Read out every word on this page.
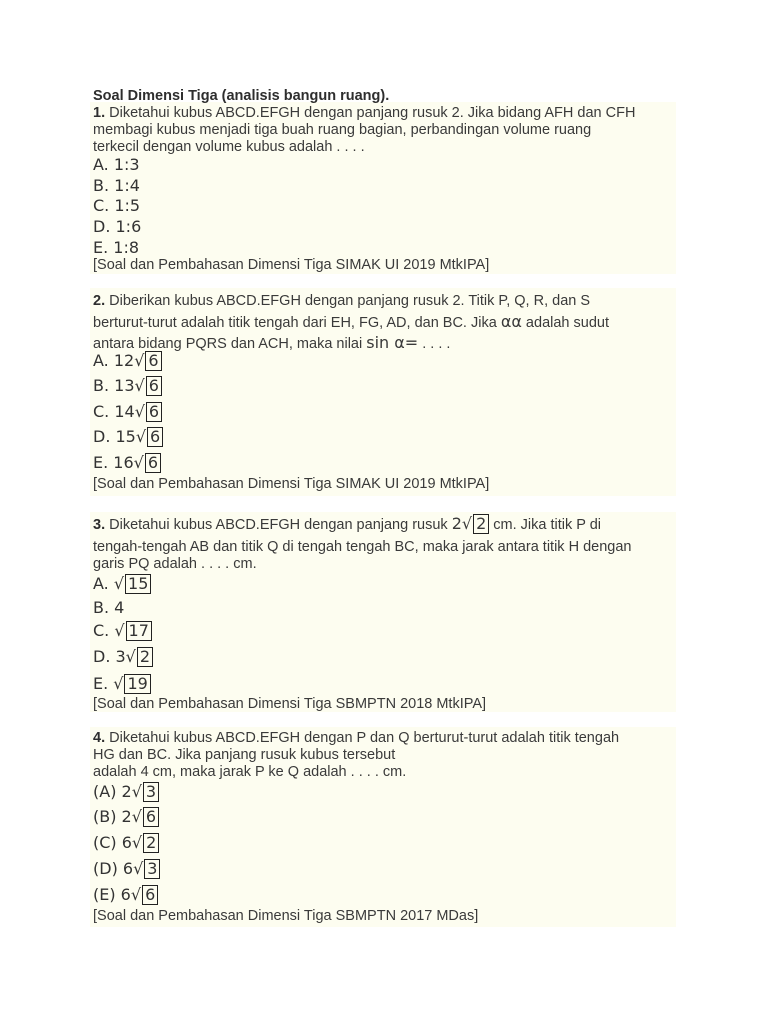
Soal Dimensi Tiga (analisis bangun ruang).
1. Diketahui kubus ABCD.EFGH dengan panjang rusuk 2. Jika bidang AFH dan CFH
membagi kubus menjadi tiga buah ruang bagian, perbandingan volume ruang
terkecil dengan volume kubus adalah . . . .
A. 1:3
B. 1:4
C. 1:5
D. 1:6
E. 1:8
[Soal dan Pembahasan Dimensi Tiga SIMAK UI 2019 MtkIPA]
2. Diberikan kubus ABCD.EFGH dengan panjang rusuk 2. Titik P, Q, R, dan S
berturut-turut adalah titik tengah dari EH, FG, AD, dan BC. Jika αα adalah sudut
antara bidang PQRS dan ACH, maka nilai sin α= . . . .
A. 12√ 6
B. 13√ 6
C. 14√ 6
D. 15√ 6
E. 16√ 6
[Soal dan Pembahasan Dimensi Tiga SIMAK UI 2019 MtkIPA]
3. Diketahui kubus ABCD.EFGH dengan panjang rusuk 2√ 2 cm. Jika titik P di
tengah-tengah AB dan titik Q di tengah tengah BC, maka jarak antara titik H dengan
garis PQ adalah . . . . cm.
A. √ 15
B. 4
C. √ 17
D. 3√ 2
E. √ 19
[Soal dan Pembahasan Dimensi Tiga SBMPTN 2018 MtkIPA]
4. Diketahui kubus ABCD.EFGH dengan P dan Q berturut-turut adalah titik tengah
HG dan BC. Jika panjang rusuk kubus tersebut
adalah 4 cm, maka jarak P ke Q adalah . . . . cm.
(A) 2√ 3
(B) 2√ 6
(C) 6√ 2
(D) 6√ 3
(E) 6√ 6
[Soal dan Pembahasan Dimensi Tiga SBMPTN 2017 MDas]
